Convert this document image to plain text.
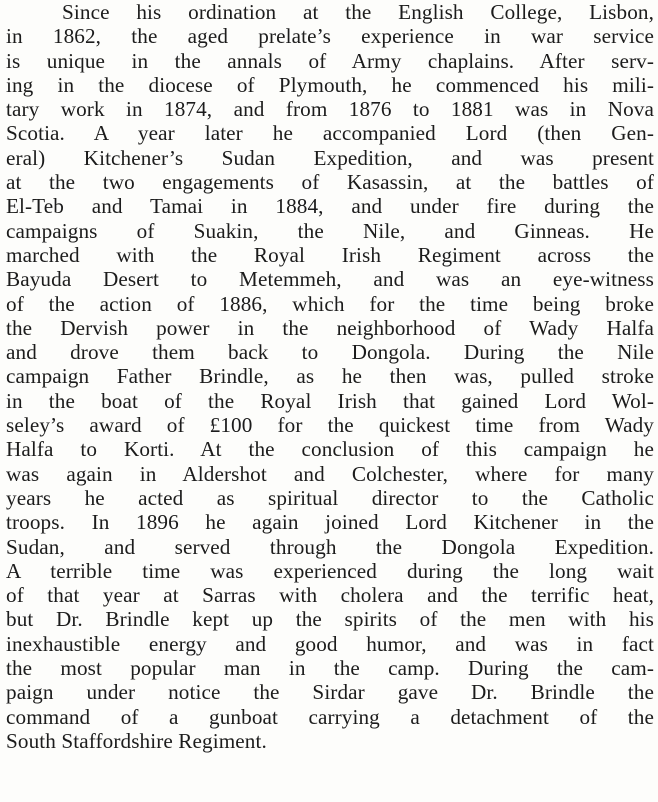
Since his ordination at the English College, Lisbon,
in 1862, the aged prelate’s experience in war service
is unique in the annals of Army chaplains. After serv-
ing in the diocese of Plymouth, he commenced his mili-
tary work in 1874, and from 1876 to 1881 was in Nova
Scotia. A year later he accompanied Lord (then Gen-
eral) Kitchener’s Sudan Expedition, and was present
at the two engagements of Kasassin, at the battles of
El-Teb and Tamai in 1884, and under fire during the
campaigns of Suakin, the Nile, and Ginneas. He
marched with the Royal Irish Regiment across the
Bayuda Desert to Metemmeh, and was an eye-witness
of the action of 1886, which for the time being broke
the Dervish power in the neighborhood of Wady Halfa
and drove them back to Dongola. During the Nile
campaign Father Brindle, as he then was, pulled stroke
in the boat of the Royal Irish that gained Lord Wol-
seley’s award of £100 for the quickest time from Wady
Halfa to Korti. At the conclusion of this campaign he
was again in Aldershot and Colchester, where for many
years he acted as spiritual director to the Catholic
troops. In 1896 he again joined Lord Kitchener in the
Sudan, and served through the Dongola Expedition.
A terrible time was experienced during the long wait
of that year at Sarras with cholera and the terrific heat,
but Dr. Brindle kept up the spirits of the men with his
inexhaustible energy and good humor, and was in fact
the most popular man in the camp. During the cam-
paign under notice the Sirdar gave Dr. Brindle the
command of a gunboat carrying a detachment of the
South Staffordshire Regiment.
